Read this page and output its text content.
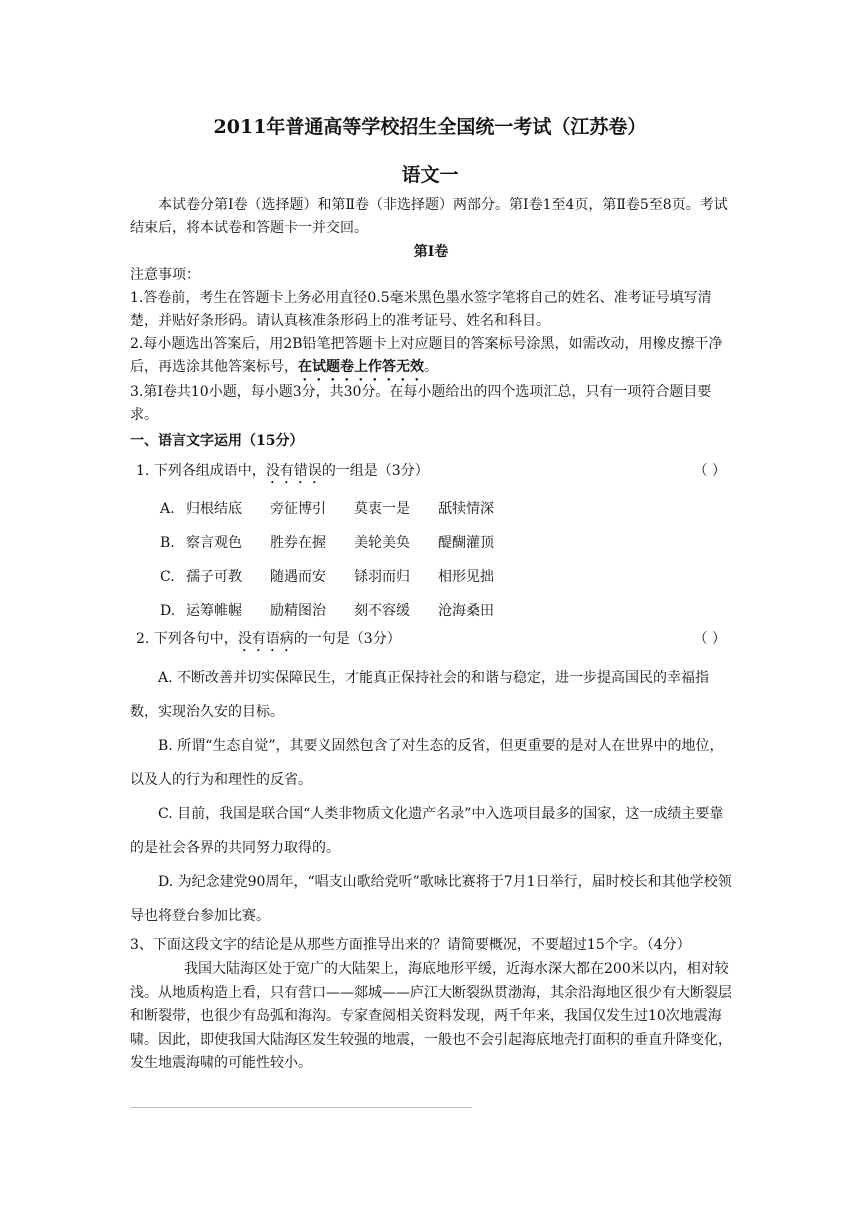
2011年普通高等学校招生全国统一考试（江苏卷）
语文一
本试卷分第Ⅰ卷（选择题）和第Ⅱ卷（非选择题）两部分。第Ⅰ卷1至4页，第Ⅱ卷5至8页。考试结束后，将本试卷和答题卡一并交回。
第Ⅰ卷
注意事项：
1.答卷前，考生在答题卡上务必用直径0.5毫米黑色墨水签字笔将自己的姓名、准考证号填写清楚，并贴好条形码。请认真核准条形码上的准考证号、姓名和科目。
2.每小题选出答案后，用2B铅笔把答题卡上对应题目的答案标号涂黑，如需改动，用橡皮擦干净后，再选涂其他答案标号，在试题卷上作答无效。
3.第Ⅰ卷共10小题，每小题3分，共30分。在每小题给出的四个选项汇总，只有一项符合题目要求。
一、语言文字运用（15分）
1. 下列各组成语中，没有错误的一组是（3分）	（ ）
A. 归根结底	旁征博引	莫衷一是	舐犊情深
B. 察言观色	胜券在握	美轮美奂	醍醐灌顶
C. 孺子可教	随遇而安	铩羽而归	相形见拙
D. 运筹帷幄	励精图治	刻不容缓	沧海桑田
2. 下列各句中，没有语病的一句是（3分）	（ ）
A. 不断改善并切实保障民生，才能真正保持社会的和谐与稳定，进一步提高国民的幸福指数，实现治久安的目标。
B. 所谓“生态自觉”，其要义固然包含了对生态的反省，但更重要的是对人在世界中的地位，以及人的行为和理性的反省。
C. 目前，我国是联合国“人类非物质文化遗产名录”中入选项目最多的国家，这一成绩主要靠的是社会各界的共同努力取得的。
D. 为纪念建党90周年，“唱支山歌给党听”歌咏比赛将于7月1日举行，届时校长和其他学校领导也将登台参加比赛。
3、下面这段文字的结论是从那些方面推导出来的？请简要概况，不要超过15个字。（4分）
我国大陆海区处于宽广的大陆架上，海底地形平缓，近海水深大都在200米以内，相对较浅。从地质构造上看，只有营口——郯城——庐江大断裂纵贯渤海，其余沿海地区很少有大断裂层和断裂带，也很少有岛弧和海沟。专家查阅相关资料发现，两千年来，我国仅发生过10次地震海啸。因此，即使我国大陆海区发生较强的地震，一般也不会引起海底地壳打面积的垂直升降变化，发生地震海啸的可能性较小。
